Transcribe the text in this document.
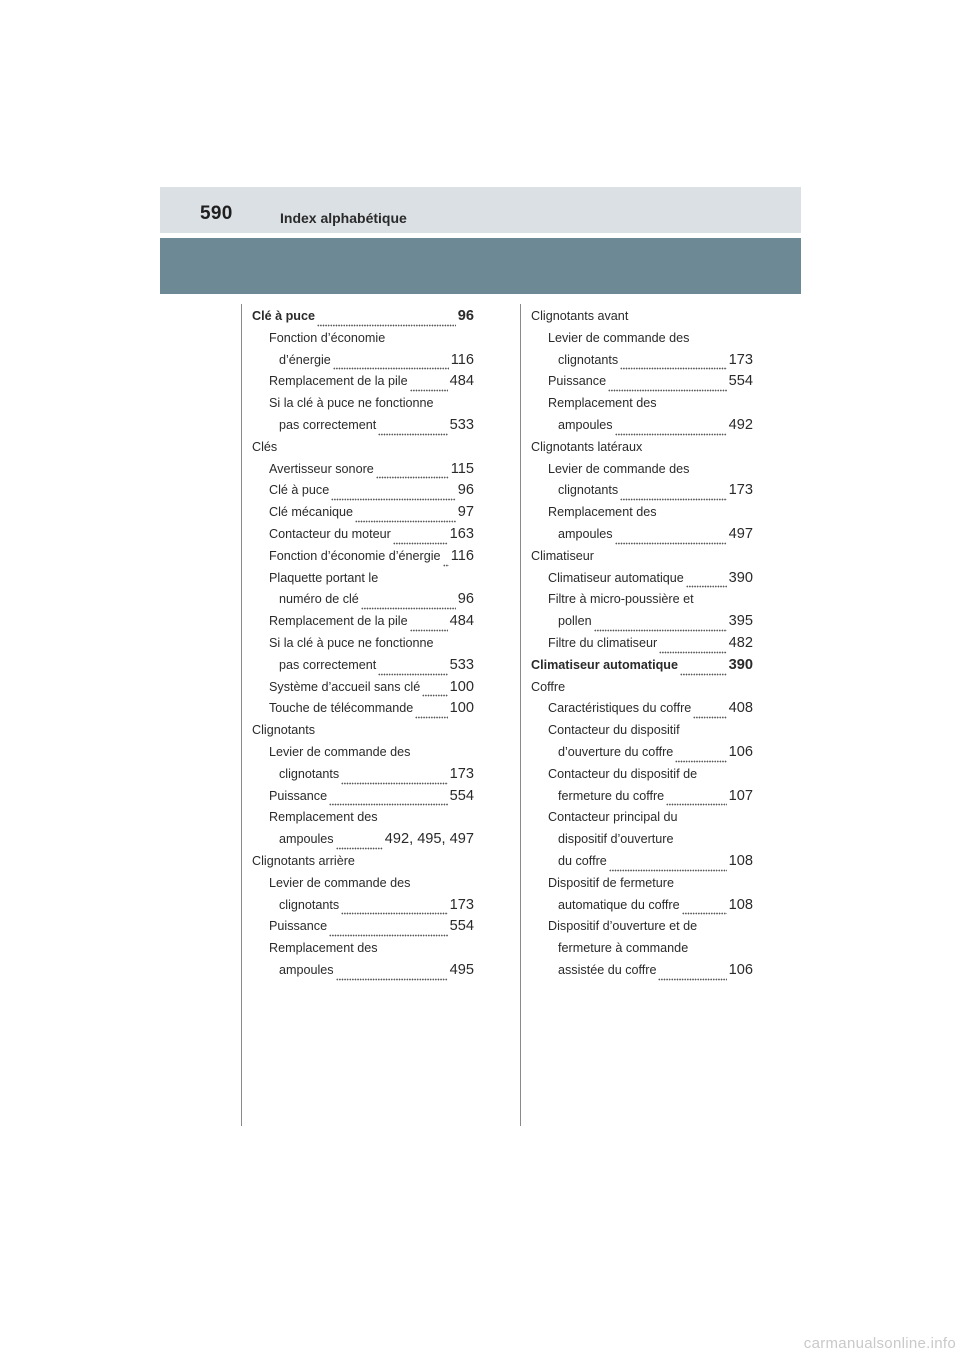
590	Index alphabétique
Clé à puce	96
Fonction d’économie
d’énergie	116
Remplacement de la pile	484
Si la clé à puce ne fonctionne
pas correctement	533
Clés
Avertisseur sonore	115
Clé à puce	96
Clé mécanique	97
Contacteur du moteur	163
Fonction d’économie d’énergie 116
Plaquette portant le
numéro de clé	96
Remplacement de la pile	484
Si la clé à puce ne fonctionne
pas correctement	533
Système d’accueil sans clé 100
Touche de télécommande 100
Clignotants
Levier de commande des
clignotants	173
Puissance	554
Remplacement des
ampoules	492, 495, 497
Clignotants arrière
Levier de commande des
clignotants	173
Puissance	554
Remplacement des
ampoules	495
Clignotants avant
Levier de commande des
clignotants	173
Puissance	554
Remplacement des
ampoules	492
Clignotants latéraux
Levier de commande des
clignotants	173
Remplacement des
ampoules	497
Climatiseur
Climatiseur automatique	390
Filtre à micro-poussière et
pollen	395
Filtre du climatiseur	482
Climatiseur automatique	390
Coffre
Caractéristiques du coffre	408
Contacteur du dispositif
d’ouverture du coffre	106
Contacteur du dispositif de
fermeture du coffre	107
Contacteur principal du
dispositif d’ouverture
du coffre	108
Dispositif de fermeture
automatique du coffre	108
Dispositif d’ouverture et de
fermeture à commande
assistée du coffre	106
carmanualsonline.info
